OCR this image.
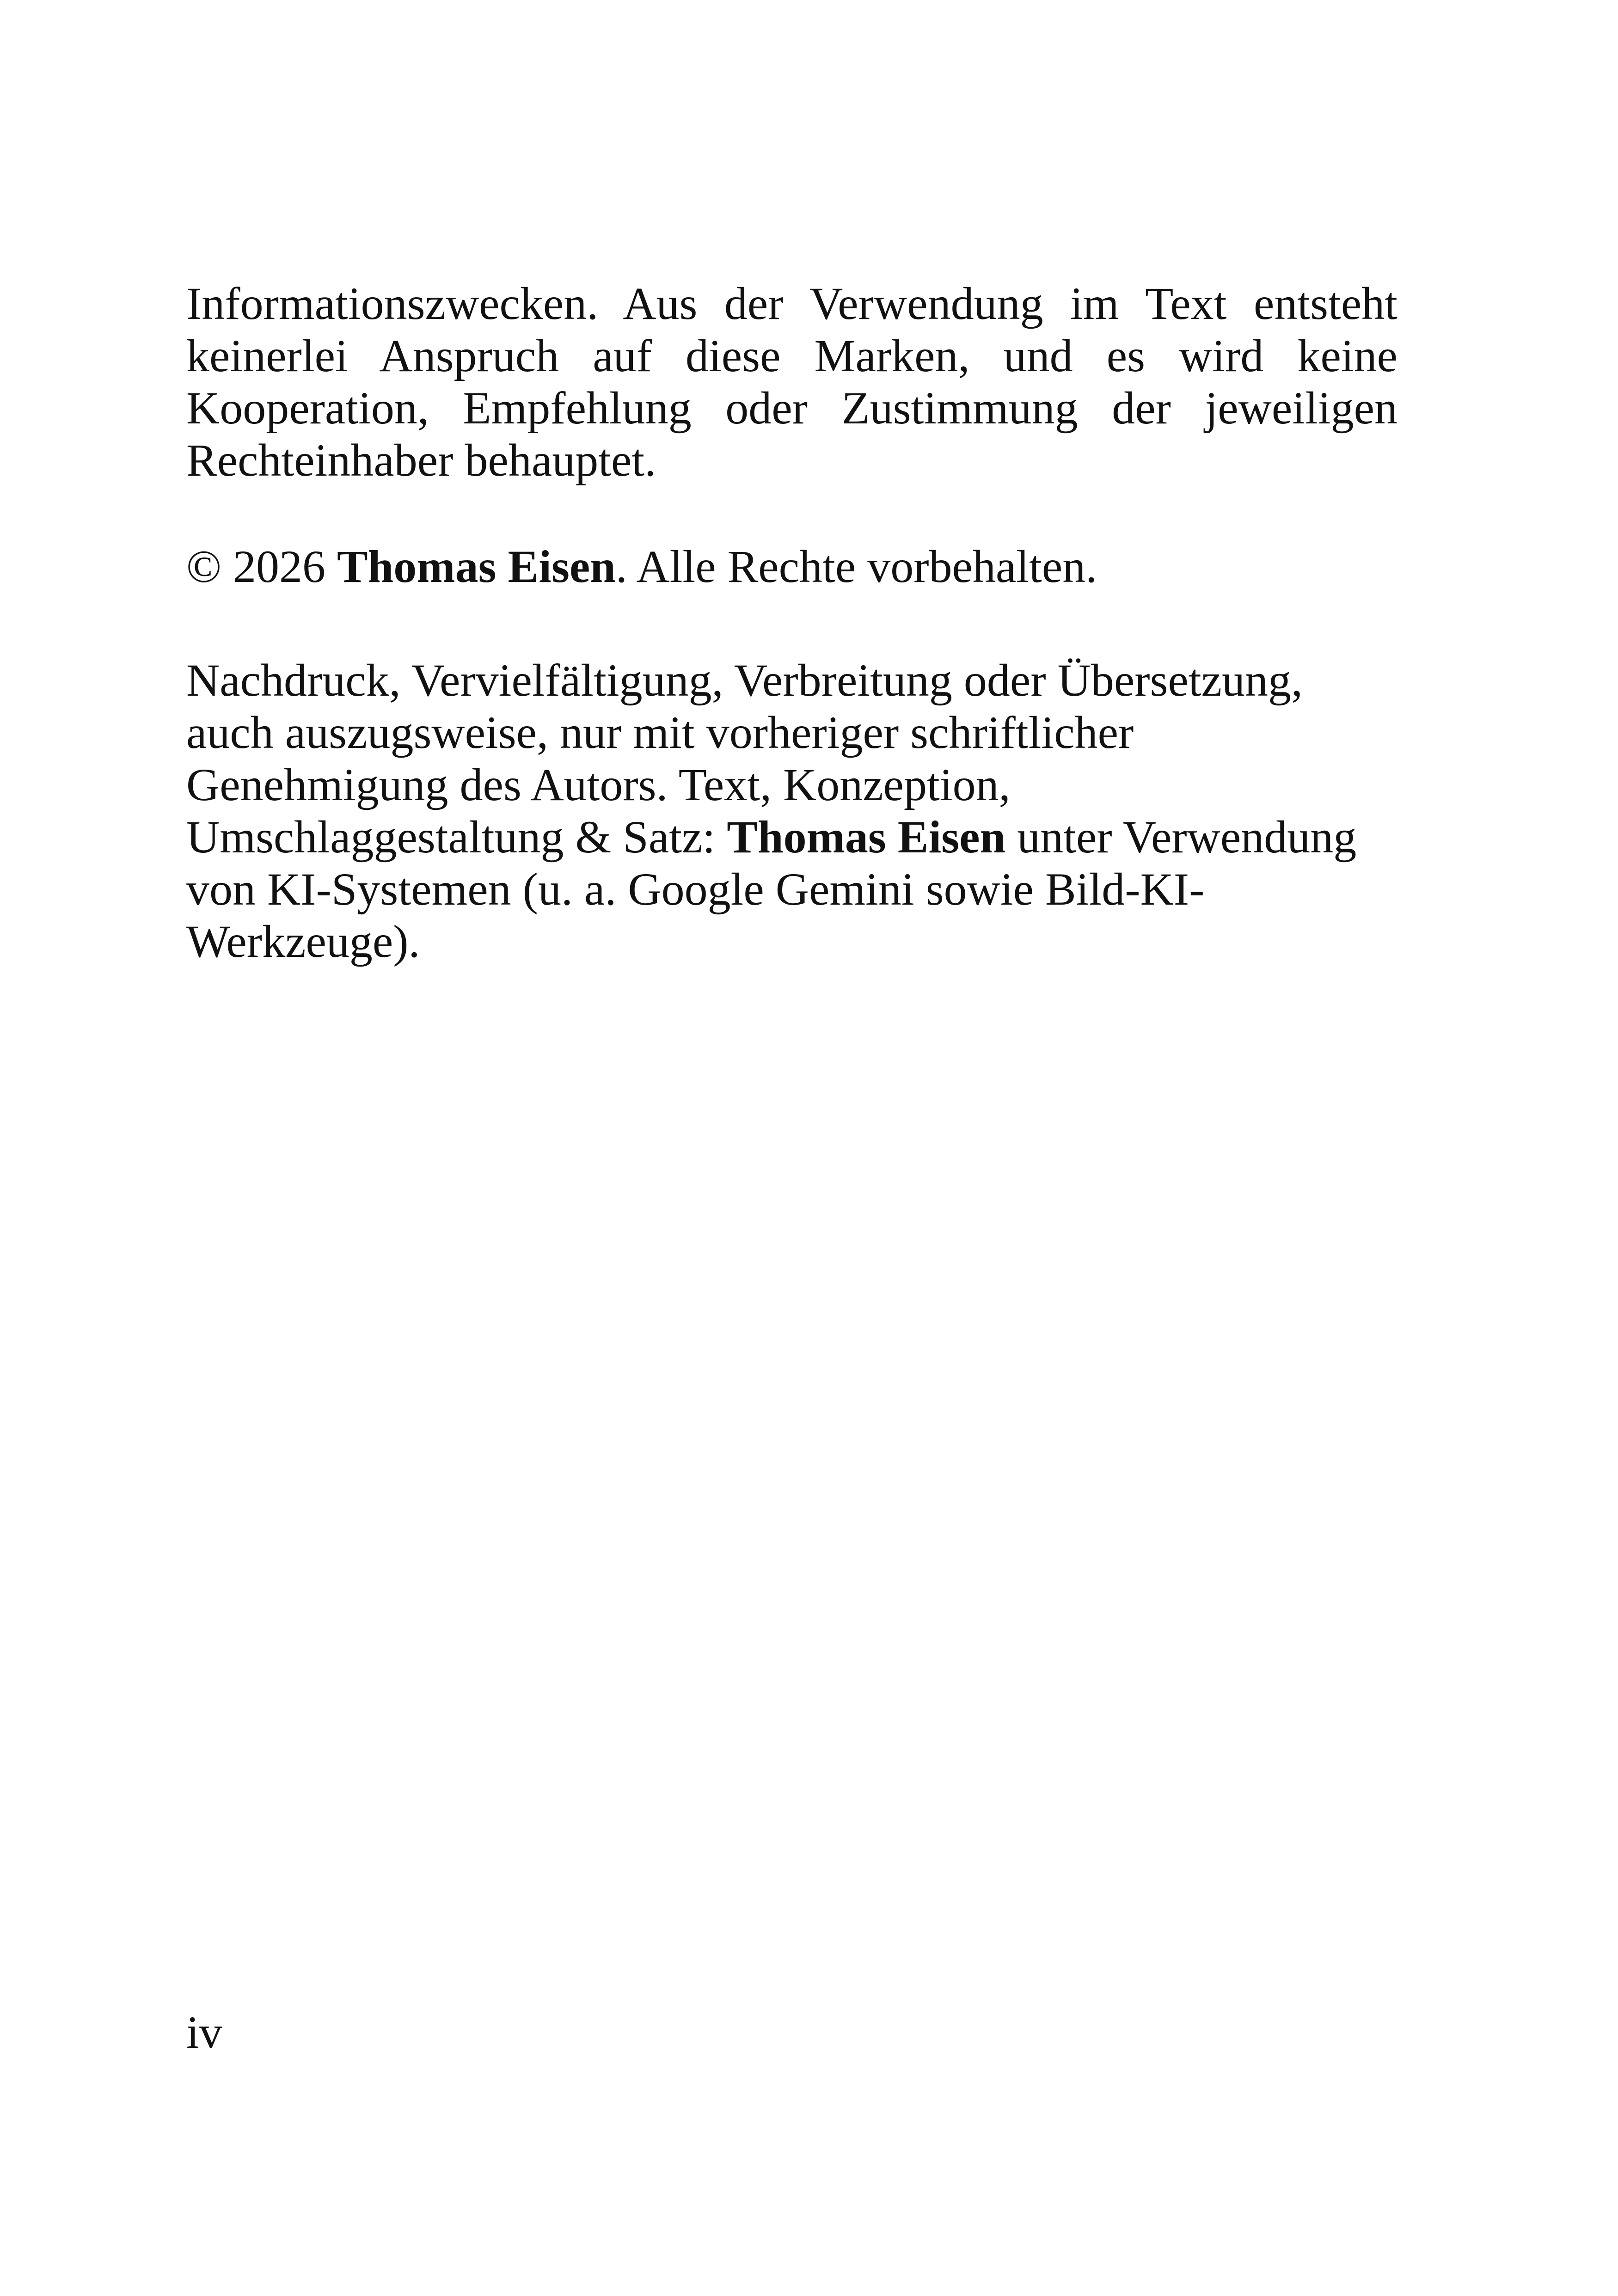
Informationszwecken. Aus der Verwendung im Text entsteht keinerlei Anspruch auf diese Marken, und es wird keine Kooperation, Empfehlung oder Zustimmung der jeweiligen Rechteinhaber behauptet.

© 2026 Thomas Eisen. Alle Rechte vorbehalten.

Nachdruck, Vervielfältigung, Verbreitung oder Übersetzung,
auch auszugsweise, nur mit vorheriger schriftlicher
Genehmigung des Autors. Text, Konzeption,
Umschlaggestaltung & Satz: Thomas Eisen unter Verwendung
von KI-Systemen (u. a. Google Gemini sowie Bild-KI-
Werkzeuge).

iv
